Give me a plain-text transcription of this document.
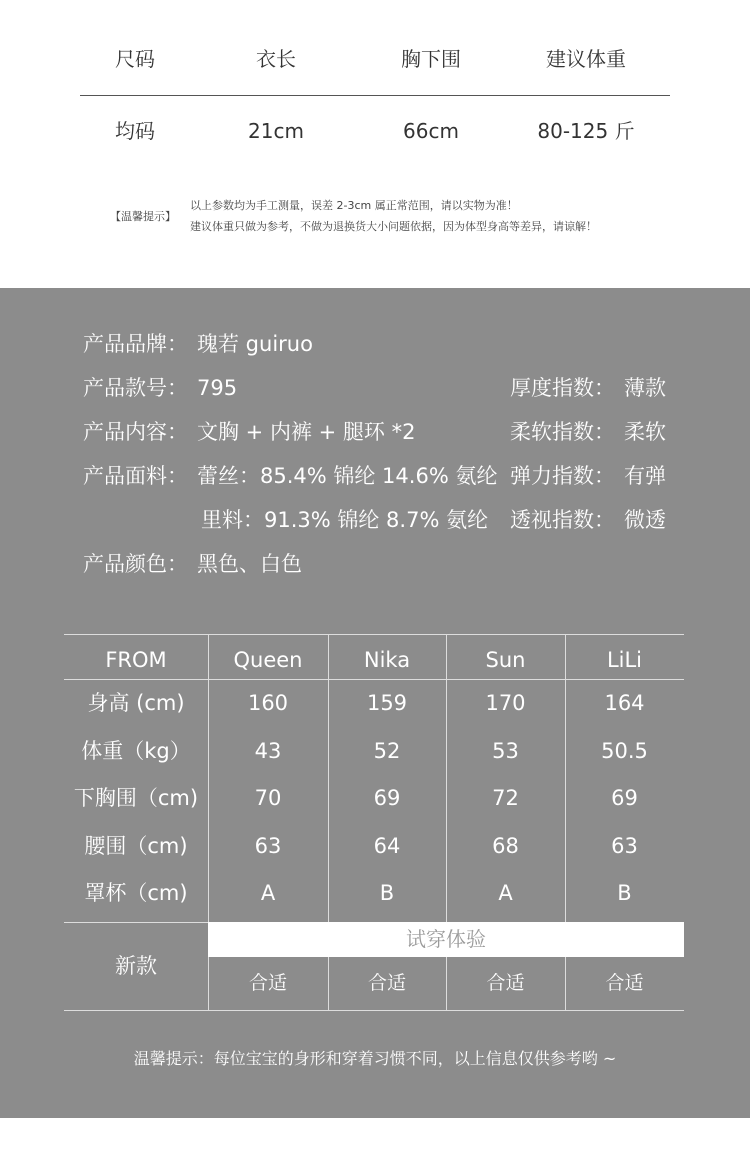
尺码	衣长	胸下围	建议体重
均码	21cm	66cm	80-125 斤
【温馨提示】
以上参数均为手工测量，误差 2-3cm 属正常范围，请以实物为准！
建议体重只做为参考，不做为退换货大小问题依据，因为体型身高等差异，请谅解！
产品品牌： 瑰若 guiruo
产品款号： 795
产品内容： 文胸 + 内裤 + 腿环 *2
产品面料： 蕾丝：85.4% 锦纶 14.6% 氨纶
里料：91.3% 锦纶 8.7% 氨纶
产品颜色： 黑色、白色
厚度指数： 薄款
柔软指数： 柔软
弹力指数： 有弹
透视指数： 微透
FROM	Queen	Nika	Sun	LiLi
身高 (cm)	160	159	170	164
体重（kg）	43	52	53	50.5
下胸围（cm)	70	69	72	69
腰围（cm)	63	64	68	63
罩杯（cm)	A	B	A	B
新款
试穿体验
合适	合适	合适	合适
温馨提示：每位宝宝的身形和穿着习惯不同，以上信息仅供参考哟 ~
